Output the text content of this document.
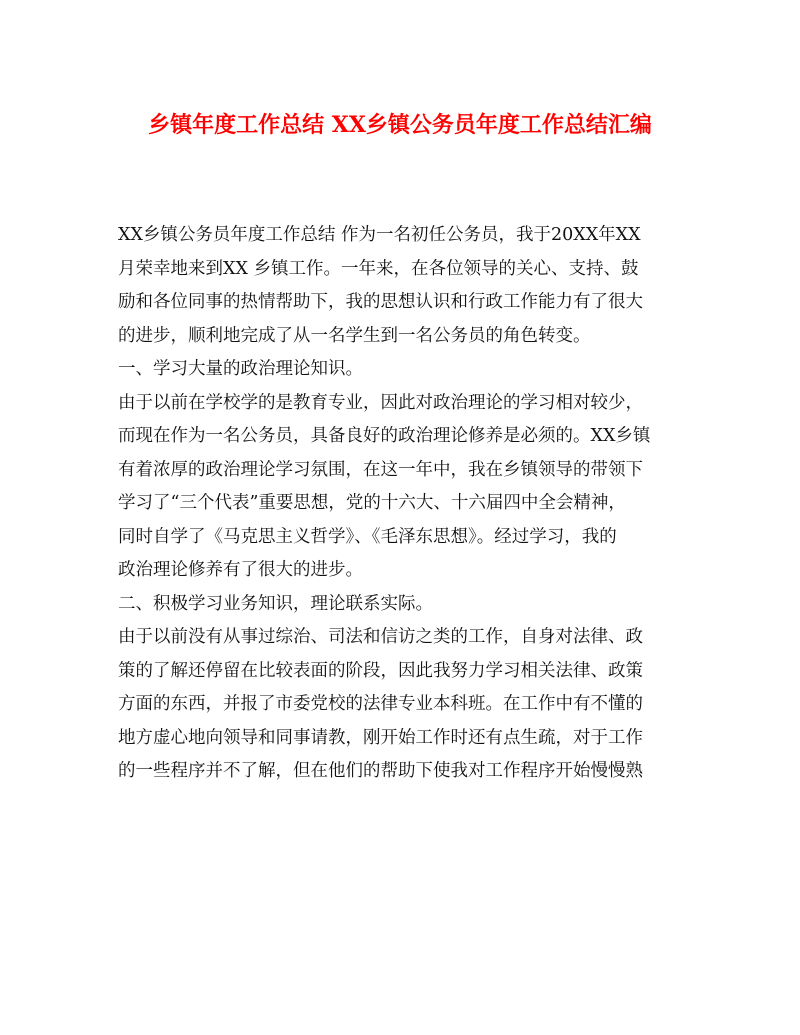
乡镇年度工作总结 XX乡镇公务员年度工作总结汇编
XX乡镇公务员年度工作总结 作为一名初任公务员，我于20XX年XX
月荣幸地来到XX 乡镇工作。一年来，在各位领导的关心、支持、鼓
励和各位同事的热情帮助下，我的思想认识和行政工作能力有了很大
的进步，顺利地完成了从一名学生到一名公务员的角色转变。
一、学习大量的政治理论知识。
由于以前在学校学的是教育专业，因此对政治理论的学习相对较少，
而现在作为一名公务员，具备良好的政治理论修养是必须的。XX乡镇
有着浓厚的政治理论学习氛围，在这一年中，我在乡镇领导的带领下
学习了“三个代表”重要思想，党的十六大、十六届四中全会精神，
同时自学了《马克思主义哲学》、《毛泽东思想》。经过学习，我的
政治理论修养有了很大的进步。
二、积极学习业务知识，理论联系实际。
由于以前没有从事过综治、司法和信访之类的工作，自身对法律、政
策的了解还停留在比较表面的阶段，因此我努力学习相关法律、政策
方面的东西，并报了市委党校的法律专业本科班。在工作中有不懂的
地方虚心地向领导和同事请教，刚开始工作时还有点生疏，对于工作
的一些程序并不了解，但在他们的帮助下使我对工作程序开始慢慢熟
